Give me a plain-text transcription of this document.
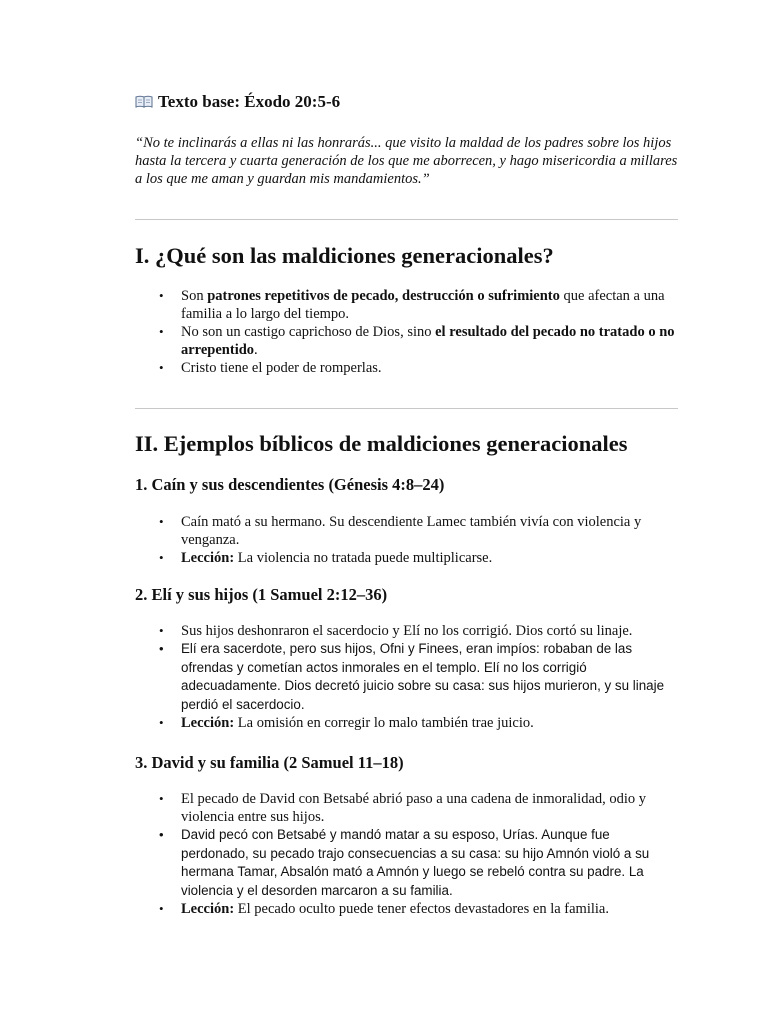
Texto base: Éxodo 20:5-6
“No te inclinarás a ellas ni las honrarás... que visito la maldad de los padres sobre los hijos hasta la tercera y cuarta generación de los que me aborrecen, y hago misericordia a millares a los que me aman y guardan mis mandamientos.”
I. ¿Qué son las maldiciones generacionales?
• Son patrones repetitivos de pecado, destrucción o sufrimiento que afectan a una familia a lo largo del tiempo.
• No son un castigo caprichoso de Dios, sino el resultado del pecado no tratado o no arrepentido.
• Cristo tiene el poder de romperlas.
II. Ejemplos bíblicos de maldiciones generacionales
1. Caín y sus descendientes (Génesis 4:8–24)
• Caín mató a su hermano. Su descendiente Lamec también vivía con violencia y venganza.
• Lección: La violencia no tratada puede multiplicarse.
2. Elí y sus hijos (1 Samuel 2:12–36)
• Sus hijos deshonraron el sacerdocio y Elí no los corrigió. Dios cortó su linaje.
• Elí era sacerdote, pero sus hijos, Ofni y Finees, eran impíos: robaban de las ofrendas y cometían actos inmorales en el templo. Elí no los corrigió adecuadamente. Dios decretó juicio sobre su casa: sus hijos murieron, y su linaje perdió el sacerdocio.
• Lección: La omisión en corregir lo malo también trae juicio.
3. David y su familia (2 Samuel 11–18)
• El pecado de David con Betsabé abrió paso a una cadena de inmoralidad, odio y violencia entre sus hijos.
• David pecó con Betsabé y mandó matar a su esposo, Urías. Aunque fue perdonado, su pecado trajo consecuencias a su casa: su hijo Amnón violó a su hermana Tamar, Absalón mató a Amnón y luego se rebeló contra su padre. La violencia y el desorden marcaron a su familia.
• Lección: El pecado oculto puede tener efectos devastadores en la familia.
